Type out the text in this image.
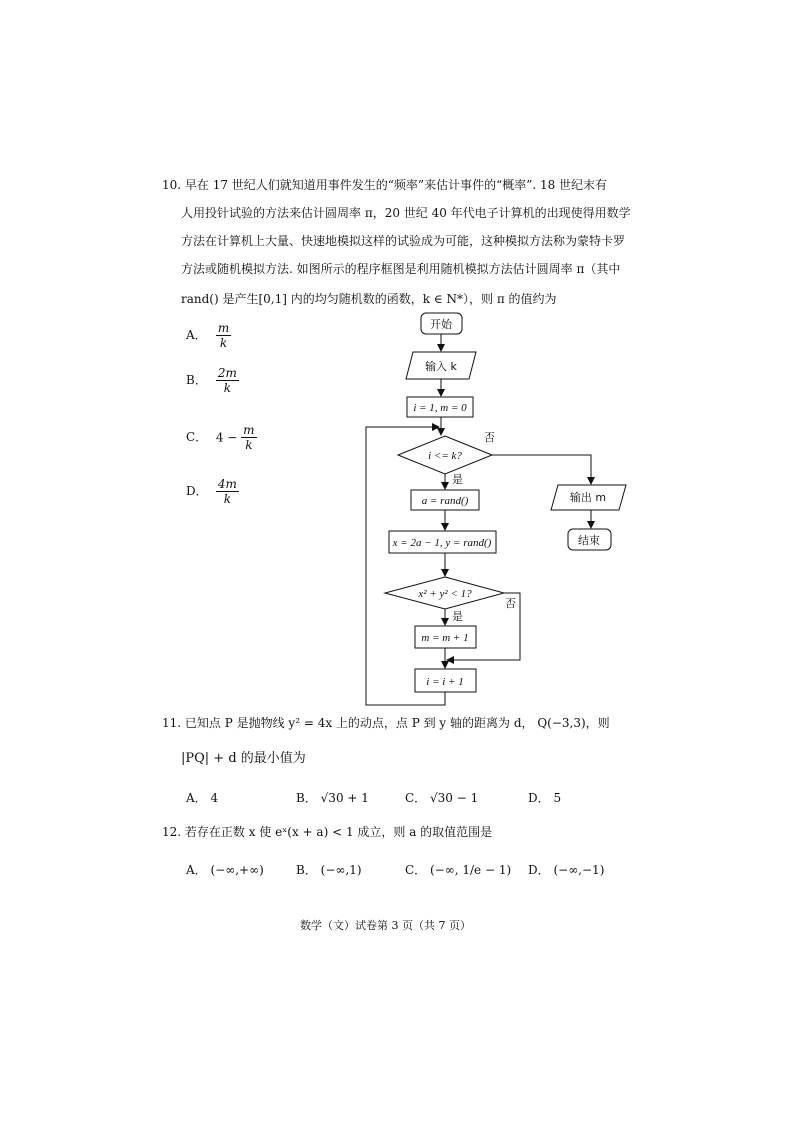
10. 早在 17 世纪人们就知道用事件发生的“频率”来估计事件的“概率”. 18 世纪末有
人用投针试验的方法来估计圆周率 π，20 世纪 40 年代电子计算机的出现使得用数学
方法在计算机上大量、快速地模拟这样的试验成为可能，这种模拟方法称为蒙特卡罗
方法或随机模拟方法. 如图所示的程序框图是利用随机模拟方法估计圆周率 π（其中
rand() 是产生[0,1] 内的均匀随机数的函数，k ∈ N*），则 π 的值约为
A． $\frac{m}{k}$
B． $\frac{2m}{k}$
C． $4 - \frac{m}{k}$
D． $\frac{4m}{k}$
开始
输入 k
i = 1, m = 0
i <= k?
否
是
a = rand()
x = 2a − 1, y = rand()
x² + y² < 1?
是
否
m = m + 1
i = i + 1
输出 m
结束
11. 已知点 P 是抛物线 y² = 4x 上的动点，点 P 到 y 轴的距离为 d， Q(−3,3)，则
|PQ| + d 的最小值为
A． 4	B． √30 + 1	C． √30 − 1	D． 5
12. 若存在正数 x 使 eˣ(x + a) < 1 成立，则 a 的取值范围是
A． (−∞,+∞)	B． (−∞,1)	C． (−∞, 1/e − 1) D． (−∞,−1)
数学（文）试卷第 3 页（共 7 页）
